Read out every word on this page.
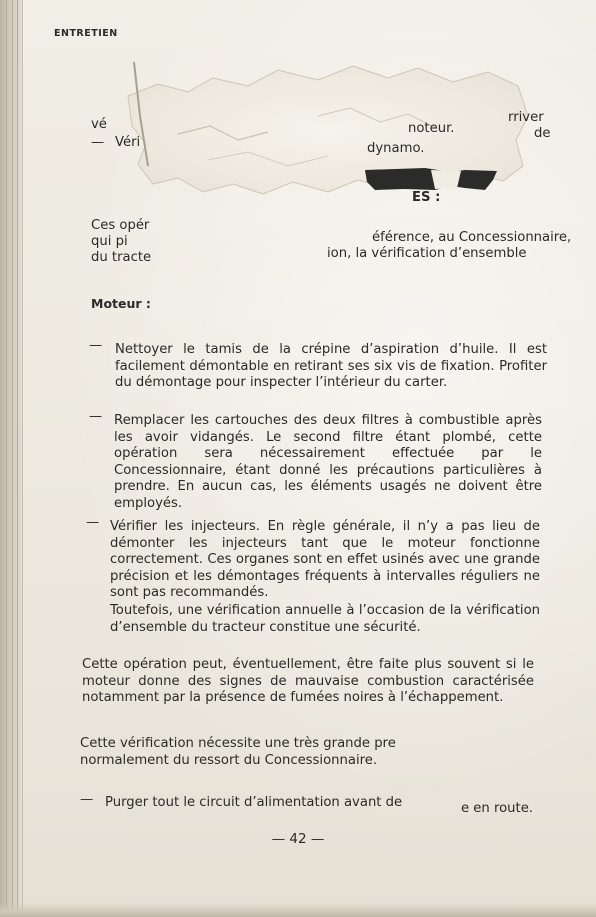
ENTRETIEN

rriver
vé	notеur.	de
— Véri	dynamo.
ES :
Ces opér
éférence, au Concessionnaire,
qui pi
ion, la vérification d’ensemble
du tracte

Moteur :

— Nettoyer le tamis de la crépine d’aspiration d’huile. Il est facilement démontable en retirant ses six vis de fixation. Profiter du démontage pour inspecter l’intérieur du carter.

— Remplacer les cartouches des deux filtres à combustible après les avoir vidangés. Le second filtre étant plombé, cette opération sera nécessairement effectuée par le Concessionnaire, étant donné les précautions particulières à prendre. En aucun cas, les éléments usagés ne doivent être employés.

— Vérifier les injecteurs. En règle générale, il n’y a pas lieu de démonter les injecteurs tant que le moteur fonctionne correctement. Ces organes sont en effet usinés avec une grande précision et les démontages fréquents à intervalles réguliers ne sont pas recommandés.

Toutefois, une vérification annuelle à l’occasion de la vérification d’ensemble du tracteur constitue une sécurité.

Cette opération peut, éventuellement, être faite plus souvent si le moteur donne des signes de mauvaise combustion caractérisée notamment par la présence de fumées noires à l’échappement.

Cette vérification nécessite une très grande pre
normalement du ressort du Concessionnaire.
— Purger tout le circuit d’alimentation avant de	e en route.

— 42 —
